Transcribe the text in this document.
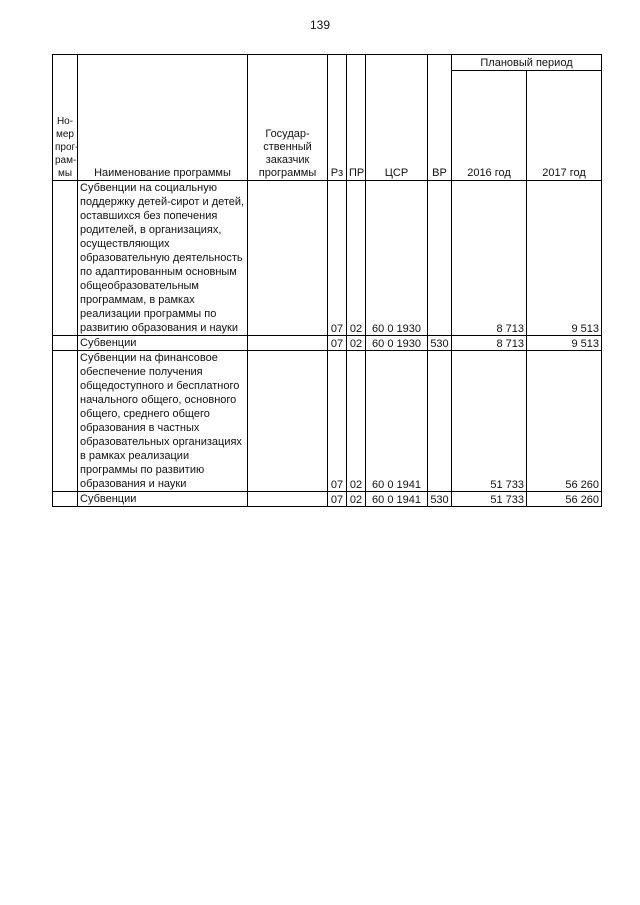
139
Но-мер прог-рам-мы	Наименование программы	Государ-ственный заказчик программы	Рз	ПР	ЦСР	ВР	Плановый период	
							2016 год	2017 год
	Субвенции на социальную поддержку детей-сирот и детей, оставшихся без попечения родителей, в организациях, осуществляющих образовательную деятельность по адаптированным основным общеобразовательным программам, в рамках реализации программы по развитию образования и науки		07	02	60 0 1930		8 713	9 513
	Субвенции		07	02	60 0 1930	530	8 713	9 513
	Субвенции на финансовое обеспечение получения общедоступного и бесплатного начального общего, основного общего, среднего общего образования в частных образовательных организациях в рамках реализации программы по развитию образования и науки		07	02	60 0 1941		51 733	56 260
	Субвенции		07	02	60 0 1941	530	51 733	56 260
